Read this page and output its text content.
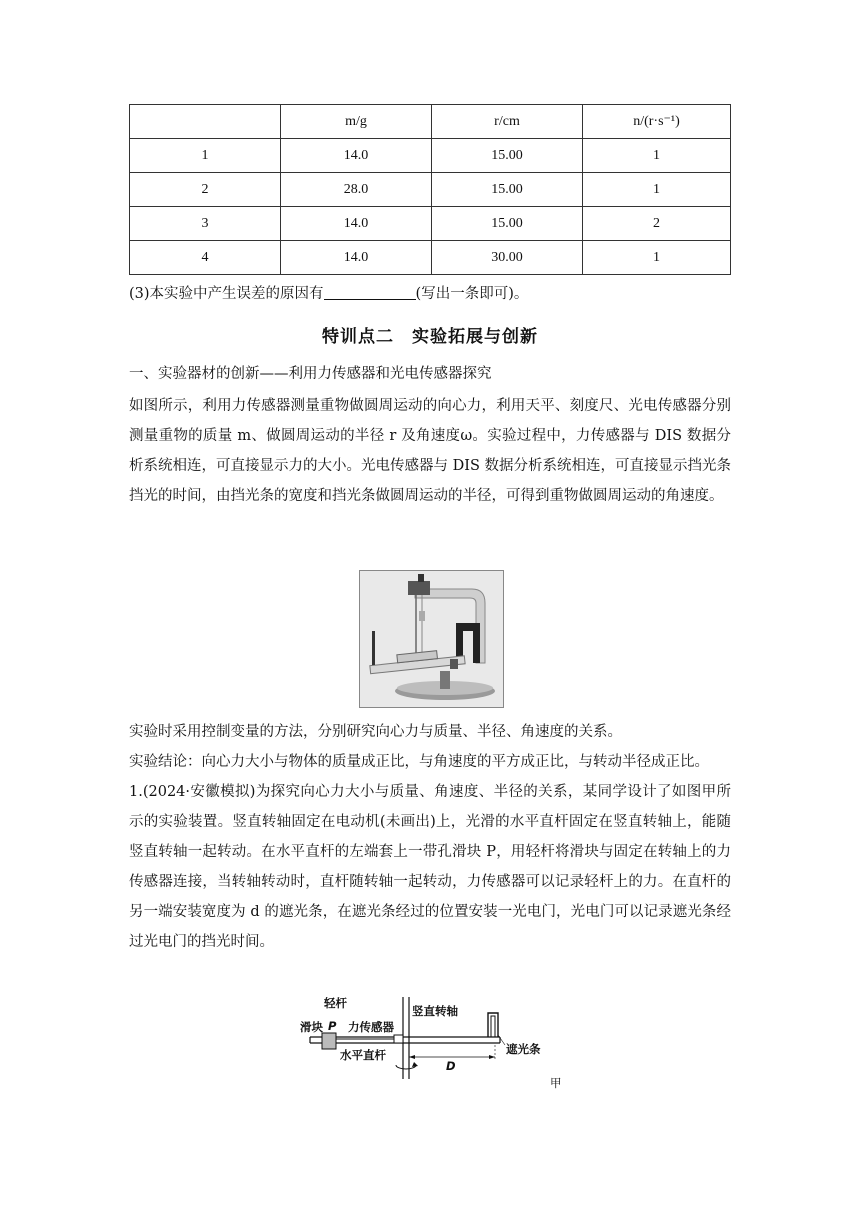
	m/g	r/cm	n/(r·s⁻¹)
1	14.0	15.00	1
2	28.0	15.00	1
3	14.0	15.00	2
4	14.0	30.00	1
(3)本实验中产生误差的原因有	(写出一条即可)。
特训点二　实验拓展与创新
一、实验器材的创新——利用力传感器和光电传感器探究
如图所示，利用力传感器测量重物做圆周运动的向心力，利用天平、刻度尺、光电传感器分别测量重物的质量 m、做圆周运动的半径 r 及角速度ω。实验过程中，力传感器与 DIS 数据分析系统相连，可直接显示力的大小。光电传感器与 DIS 数据分析系统相连，可直接显示挡光条挡光的时间，由挡光条的宽度和挡光条做圆周运动的半径，可得到重物做圆周运动的角速度。
实验时采用控制变量的方法，分别研究向心力与质量、半径、角速度的关系。
实验结论：向心力大小与物体的质量成正比，与角速度的平方成正比，与转动半径成正比。
1.(2024·安徽模拟)为探究向心力大小与质量、角速度、半径的关系，某同学设计了如图甲所示的实验装置。竖直转轴固定在电动机(未画出)上，光滑的水平直杆固定在竖直转轴上，能随竖直转轴一起转动。在水平直杆的左端套上一带孔滑块 P，用轻杆将滑块与固定在转轴上的力传感器连接，当转轴转动时，直杆随转轴一起转动，力传感器可以记录轻杆上的力。在直杆的另一端安装宽度为 d 的遮光条，在遮光条经过的位置安装一光电门，光电门可以记录遮光条经过光电门的挡光时间。
轻杆
滑块 P 力传感器
竖直转轴
水平直杆
D
遮光条
甲
